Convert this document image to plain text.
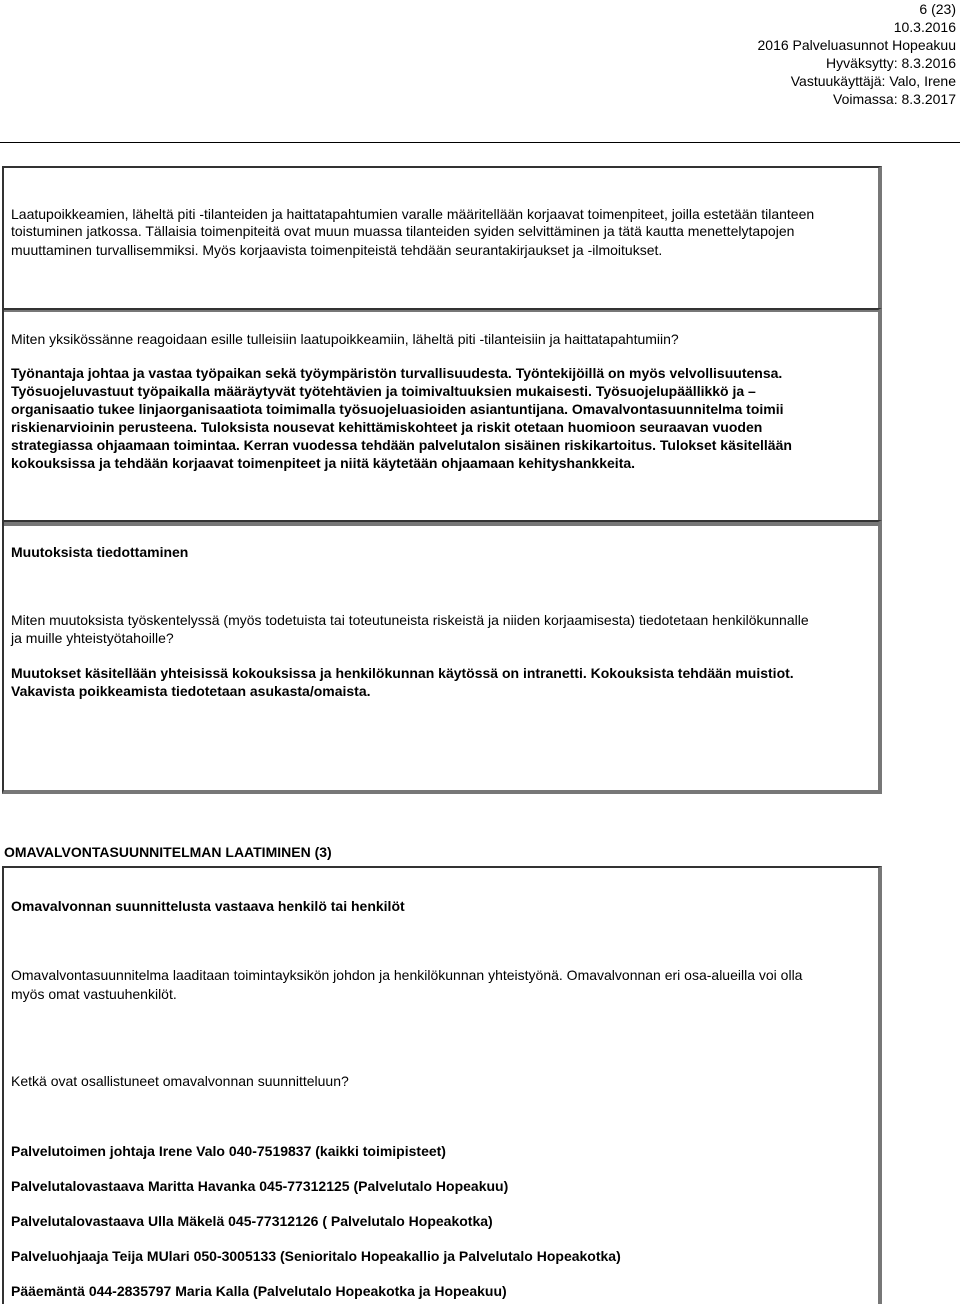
6 (23)
10.3.2016
2016 Palveluasunnot Hopeakuu
Hyväksytty: 8.3.2016
Vastuukäyttäjä: Valo, Irene
Voimassa: 8.3.2017
Laatupoikkeamien, läheltä piti -tilanteiden ja haittatapahtumien varalle määritellään korjaavat toimenpiteet, joilla estetään tilanteen
toistuminen jatkossa. Tällaisia toimenpiteitä ovat muun muassa tilanteiden syiden selvittäminen ja tätä kautta menettelytapojen
muuttaminen turvallisemmiksi. Myös korjaavista toimenpiteistä tehdään seurantakirjaukset ja -ilmoitukset.
Miten yksikössänne reagoidaan esille tulleisiin laatupoikkeamiin, läheltä piti -tilanteisiin ja haittatapahtumiin?
Työnantaja johtaa ja vastaa työpaikan sekä työympäristön turvallisuudesta. Työntekijöillä on myös velvollisuutensa.
Työsuojeluvastuut työpaikalla määräytyvät työtehtävien ja toimivaltuuksien mukaisesti. Työsuojelupäällikkö ja –
organisaatio tukee linjaorganisaatiota toimimalla työsuojeluasioiden asiantuntijana. Omavalvontasuunnitelma toimii
riskienarvioinin perusteena. Tuloksista nousevat kehittämiskohteet ja riskit otetaan huomioon seuraavan vuoden
strategiassa ohjaamaan toimintaa. Kerran vuodessa tehdään palvelutalon sisäinen riskikartoitus. Tulokset käsitellään
kokouksissa ja tehdään korjaavat toimenpiteet ja niitä käytetään ohjaamaan kehityshankkeita.
Muutoksista tiedottaminen
Miten muutoksista työskentelyssä (myös todetuista tai toteutuneista riskeistä ja niiden korjaamisesta) tiedotetaan henkilökunnalle
ja muille yhteistyötahoille?
Muutokset käsitellään yhteisissä kokouksissa ja henkilökunnan käytössä on intranetti. Kokouksista tehdään muistiot.
Vakavista poikkeamista tiedotetaan asukasta/omaista.
OMAVALVONTASUUNNITELMAN LAATIMINEN (3)
Omavalvonnan suunnittelusta vastaava henkilö tai henkilöt
Omavalvontasuunnitelma laaditaan toimintayksikön johdon ja henkilökunnan yhteistyönä. Omavalvonnan eri osa-alueilla voi olla
myös omat vastuuhenkilöt.
Ketkä ovat osallistuneet omavalvonnan suunnitteluun?
Palvelutoimen johtaja Irene Valo 040-7519837 (kaikki toimipisteet)
Palvelutalovastaava Maritta Havanka 045-77312125 (Palvelutalo Hopeakuu)
Palvelutalovastaava Ulla Mäkelä 045-77312126 ( Palvelutalo Hopeakotka)
Palveluohjaaja Teija MUlari 050-3005133 (Senioritalo Hopeakallio ja Palvelutalo Hopeakotka)
Pääemäntä 044-2835797 Maria Kalla (Palvelutalo Hopeakotka ja Hopeakuu)
